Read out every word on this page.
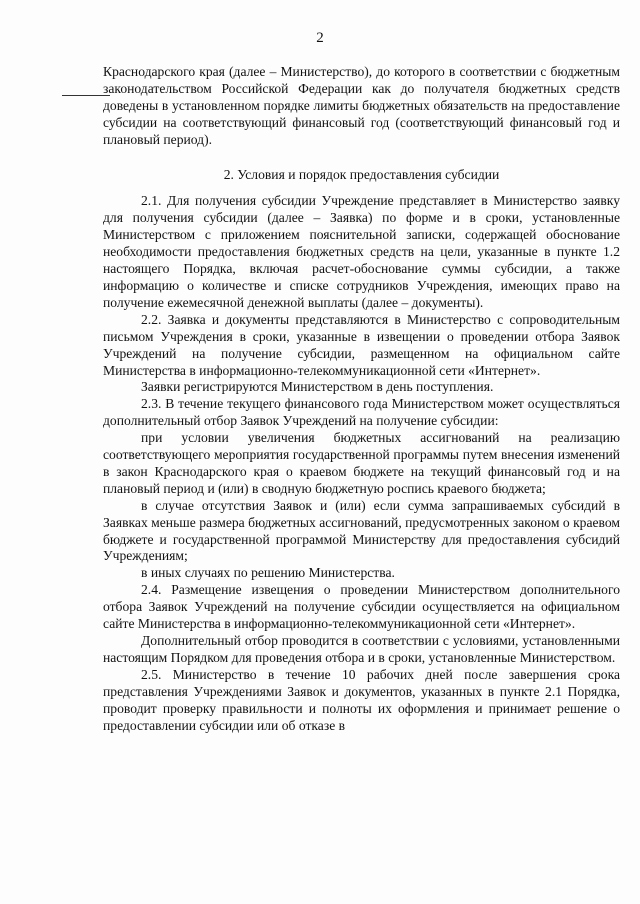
2

Краснодарского края (далее – Министерство), до которого в соответствии с бюджетным законодательством Российской Федерации как до получателя бюджетных средств доведены в установленном порядке лимиты бюджетных обязательств на предоставление субсидии на соответствующий финансовый год (соответствующий финансовый год и плановый период).

2. Условия и порядок предоставления субсидии

2.1. Для получения субсидии Учреждение представляет в Министерство заявку для получения субсидии (далее – Заявка) по форме и в сроки, установленные Министерством с приложением пояснительной записки, содержащей обоснование необходимости предоставления бюджетных средств на цели, указанные в пункте 1.2 настоящего Порядка, включая расчет-обоснование суммы субсидии, а также информацию о количестве и списке сотрудников Учреждения, имеющих право на получение ежемесячной денежной выплаты (далее – документы).

2.2. Заявка и документы представляются в Министерство с сопроводительным письмом Учреждения в сроки, указанные в извещении о проведении отбора Заявок Учреждений на получение субсидии, размещенном на официальном сайте Министерства в информационно-телекоммуникационной сети «Интернет».

Заявки регистрируются Министерством в день поступления.

2.3. В течение текущего финансового года Министерством может осуществляться дополнительный отбор Заявок Учреждений на получение субсидии:

при условии увеличения бюджетных ассигнований на реализацию соответствующего мероприятия государственной программы путем внесения изменений в закон Краснодарского края о краевом бюджете на текущий финансовый год и на плановый период и (или) в сводную бюджетную роспись краевого бюджета;

в случае отсутствия Заявок и (или) если сумма запрашиваемых субсидий в Заявках меньше размера бюджетных ассигнований, предусмотренных законом о краевом бюджете и государственной программой Министерству для предоставления субсидий Учреждениям;

в иных случаях по решению Министерства.

2.4. Размещение извещения о проведении Министерством дополнительного отбора Заявок Учреждений на получение субсидии осуществляется на официальном сайте Министерства в информационно-телекоммуникационной сети «Интернет».

Дополнительный отбор проводится в соответствии с условиями, установленными настоящим Порядком для проведения отбора и в сроки, установленные Министерством.

2.5. Министерство в течение 10 рабочих дней после завершения срока представления Учреждениями Заявок и документов, указанных в пункте 2.1 Порядка, проводит проверку правильности и полноты их оформления и принимает решение о предоставлении субсидии или об отказе в
